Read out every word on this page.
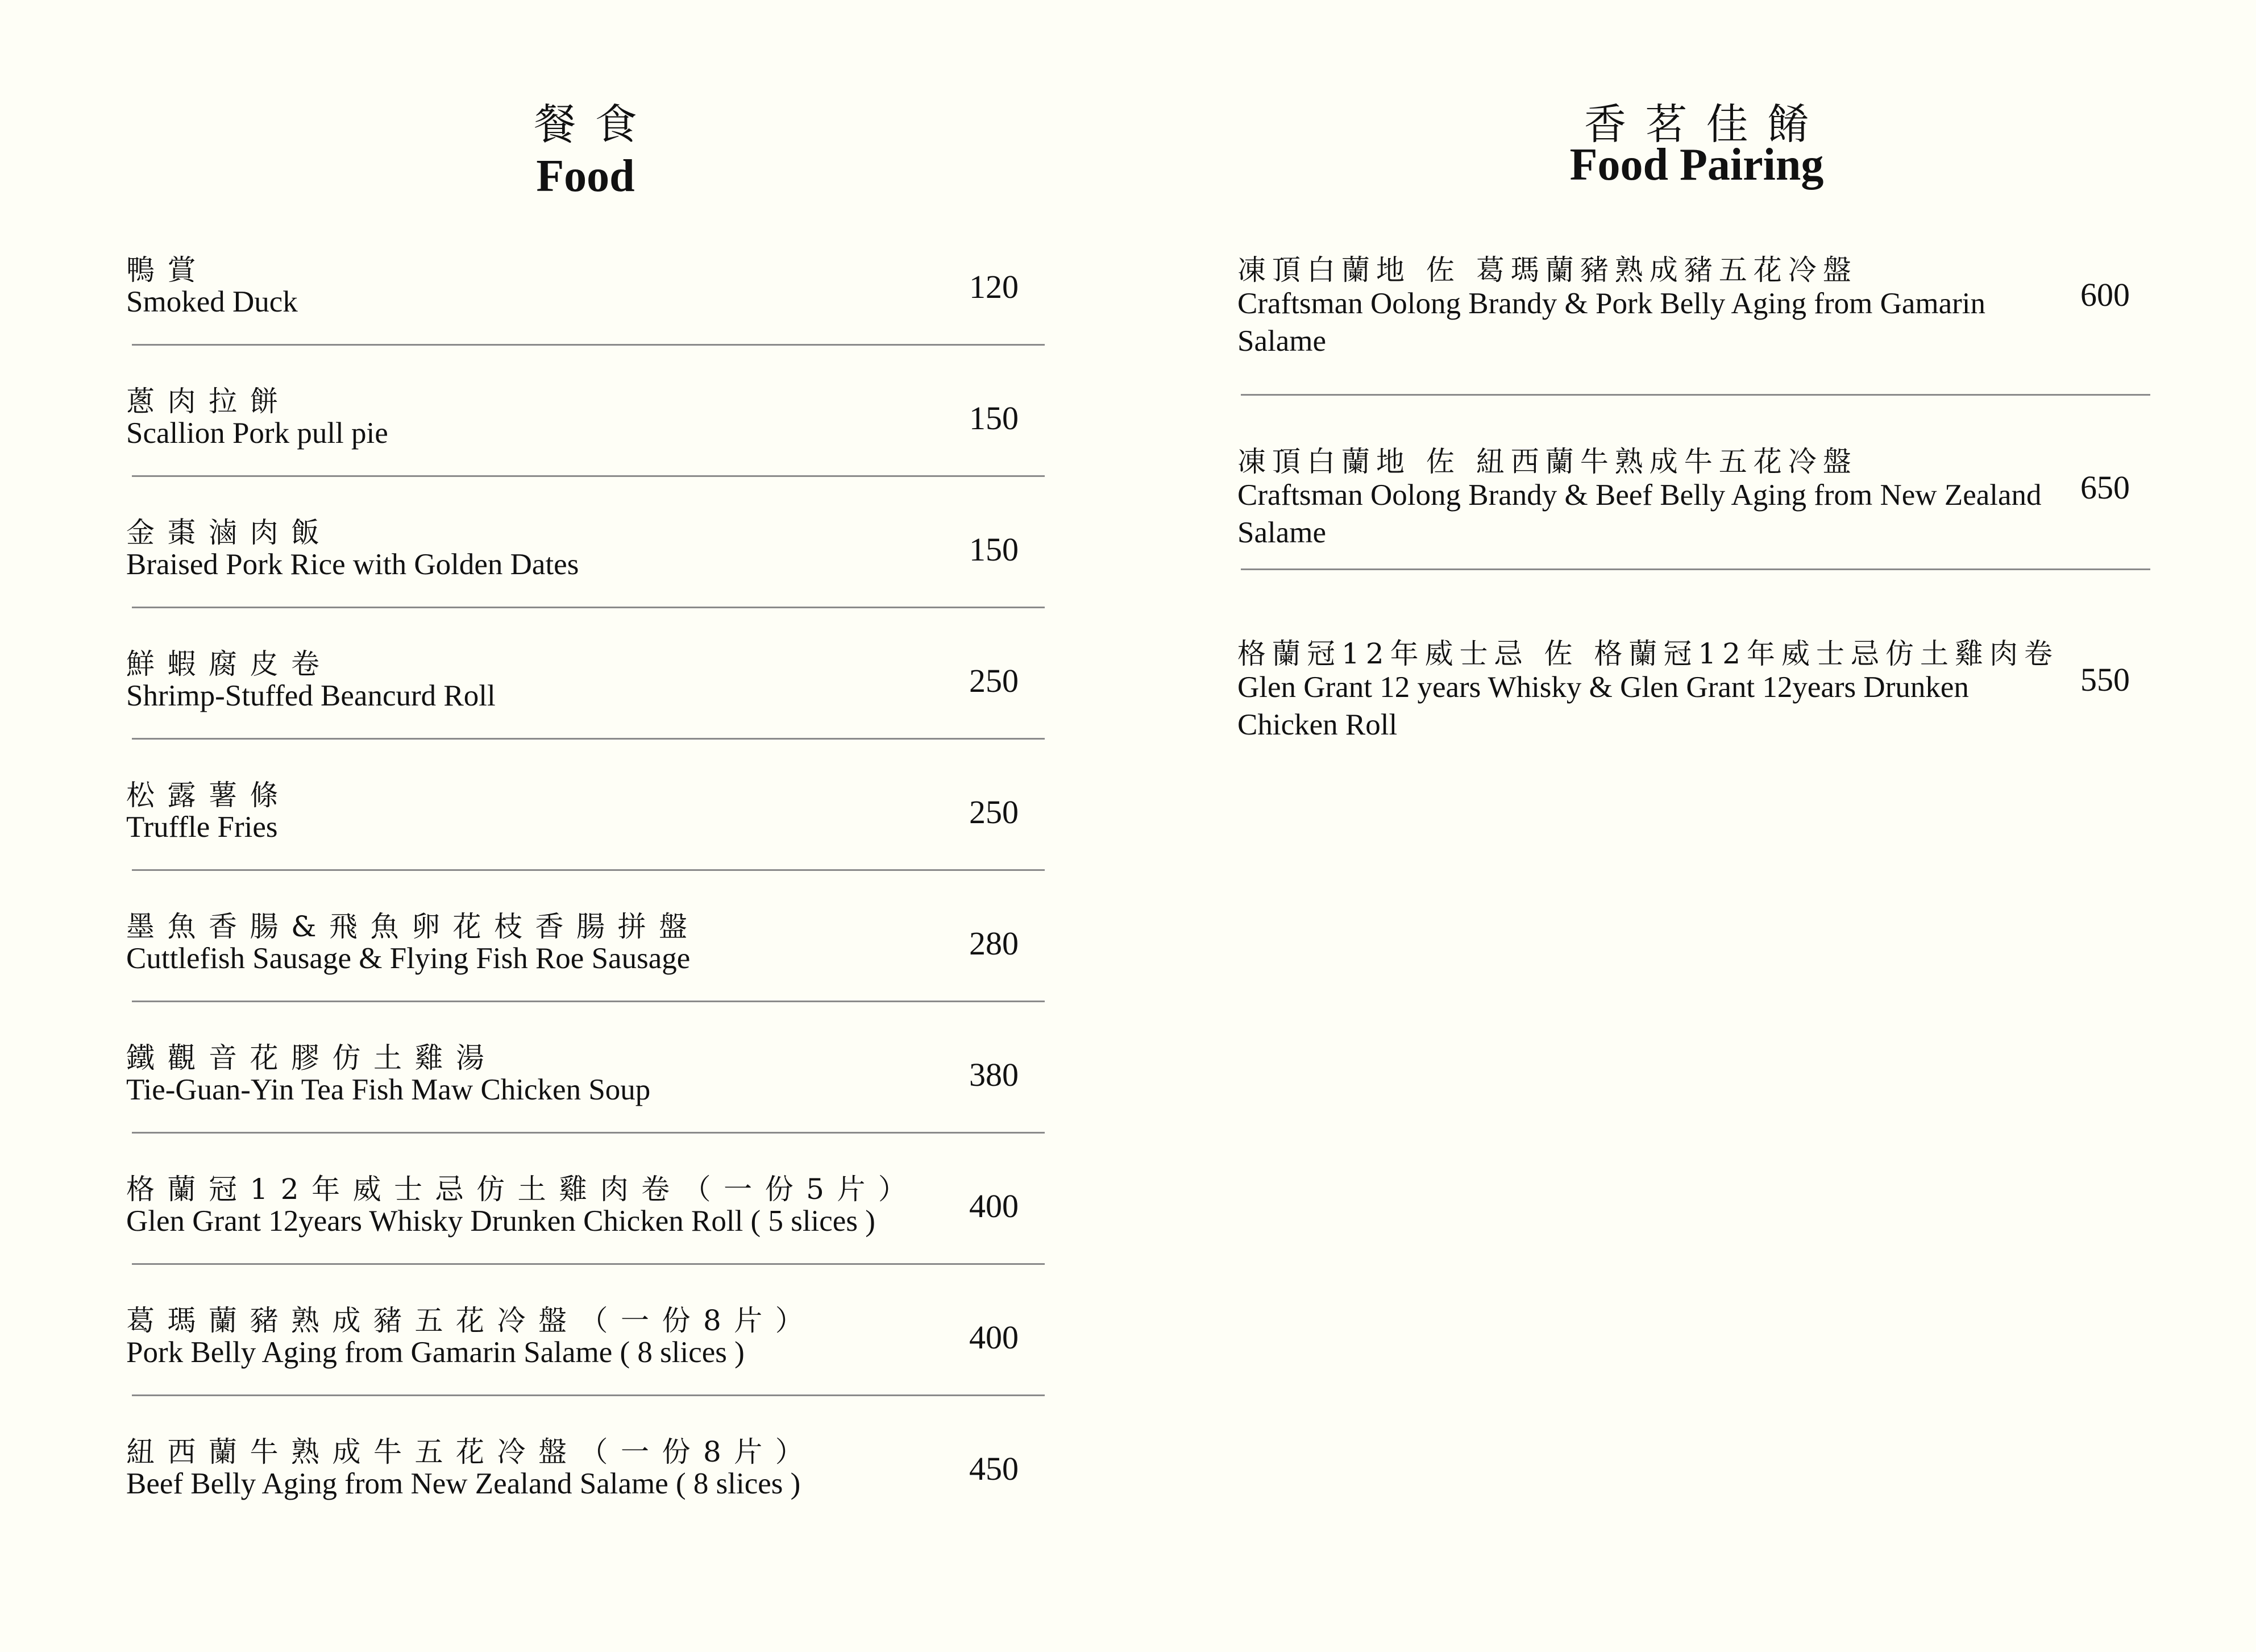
餐食
Food
鴨賞
Smoked Duck	120
蔥肉拉餅
Scallion Pork pull pie	150
金棗滷肉飯
Braised Pork Rice with Golden Dates	150
鮮蝦腐皮卷
Shrimp-Stuffed Beancurd Roll	250
松露薯條
Truffle Fries	250
墨魚香腸&飛魚卵花枝香腸拼盤
Cuttlefish Sausage & Flying Fish Roe Sausage	280
鐵觀音花膠仿土雞湯
Tie-Guan-Yin Tea Fish Maw Chicken Soup	380
格蘭冠12年威士忌仿土雞肉卷（一份5片）
Glen Grant 12years Whisky Drunken Chicken Roll ( 5 slices )	400
葛瑪蘭豬熟成豬五花冷盤（一份8片）
Pork Belly Aging from Gamarin Salame ( 8 slices )	400
紐西蘭牛熟成牛五花冷盤（一份8片）
Beef Belly Aging from New Zealand Salame ( 8 slices )	450
香茗佳餚
Food Pairing
凍頂白蘭地 佐 葛瑪蘭豬熟成豬五花冷盤
Craftsman Oolong Brandy & Pork Belly Aging from Gamarin Salame
600
凍頂白蘭地 佐 紐西蘭牛熟成牛五花冷盤
Craftsman Oolong Brandy & Beef Belly Aging from New Zealand Salame
650
格蘭冠12年威士忌 佐 格蘭冠12年威士忌仿土雞肉卷
Glen Grant 12 years Whisky & Glen Grant 12years Drunken Chicken Roll
550
